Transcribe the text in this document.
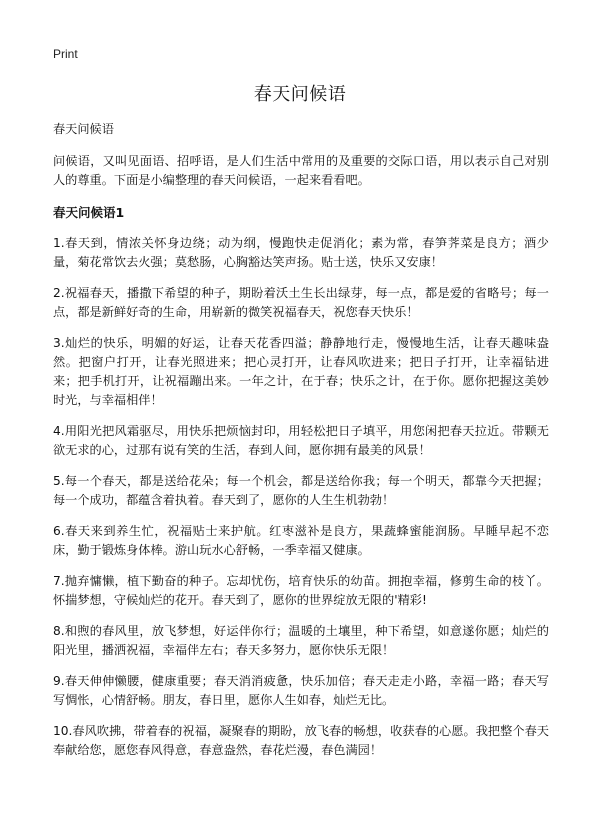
Print
春天问候语

春天问候语

问候语，又叫见面语、招呼语，是人们生活中常用的及重要的交际口语，用以表示自己对别人的尊重。下面是小编整理的春天问候语，一起来看看吧。

春天问候语1

1.春天到，情浓关怀身边绕；动为纲，慢跑快走促消化；素为常，春笋荠菜是良方；酒少量，菊花常饮去火强；莫愁肠，心胸豁达笑声扬。贴士送，快乐又安康！

2.祝福春天，播撒下希望的种子，期盼着沃土生长出绿芽，每一点，都是爱的省略号；每一点，都是新鲜好奇的生命，用崭新的微笑祝福春天，祝您春天快乐！

3.灿烂的快乐，明媚的好运，让春天花香四溢；静静地行走，慢慢地生活，让春天趣味盎然。把窗户打开，让春光照进来；把心灵打开，让春风吹进来；把日子打开，让幸福钻进来；把手机打开，让祝福蹦出来。一年之计，在于春；快乐之计，在于你。愿你把握这美妙时光，与幸福相伴！

4.用阳光把风霜驱尽，用快乐把烦恼封印，用轻松把日子填平，用您闲把春天拉近。带颗无欲无求的心，过那有说有笑的生活，春到人间，愿你拥有最美的风景！

5.每一个春天，都是送给花朵；每一个机会，都是送给你我；每一个明天，都靠今天把握；每一个成功，都蕴含着执着。春天到了，愿你的人生生机勃勃！

6.春天来到养生忙，祝福贴士来护航。红枣滋补是良方，果蔬蜂蜜能润肠。早睡早起不恋床，勤于锻炼身体棒。游山玩水心舒畅，一季幸福又健康。

7.抛弃慵懒，植下勤奋的种子。忘却忧伤，培育快乐的幼苗。拥抱幸福，修剪生命的枝丫。怀揣梦想，守候灿烂的花开。春天到了，愿你的世界绽放无限的'精彩!

8.和煦的春风里，放飞梦想，好运伴你行；温暖的土壤里，种下希望，如意遂你愿；灿烂的阳光里，播洒祝福，幸福伴左右；春天多努力，愿你快乐无限！

9.春天伸伸懒腰，健康重要；春天消消疲惫，快乐加倍；春天走走小路，幸福一路；春天写写惆怅，心情舒畅。朋友，春日里，愿你人生如春，灿烂无比。

10.春风吹拂，带着春的祝福，凝聚春的期盼，放飞春的畅想，收获春的心愿。我把整个春天奉献给您，愿您春风得意，春意盎然，春花烂漫，春色满园！
